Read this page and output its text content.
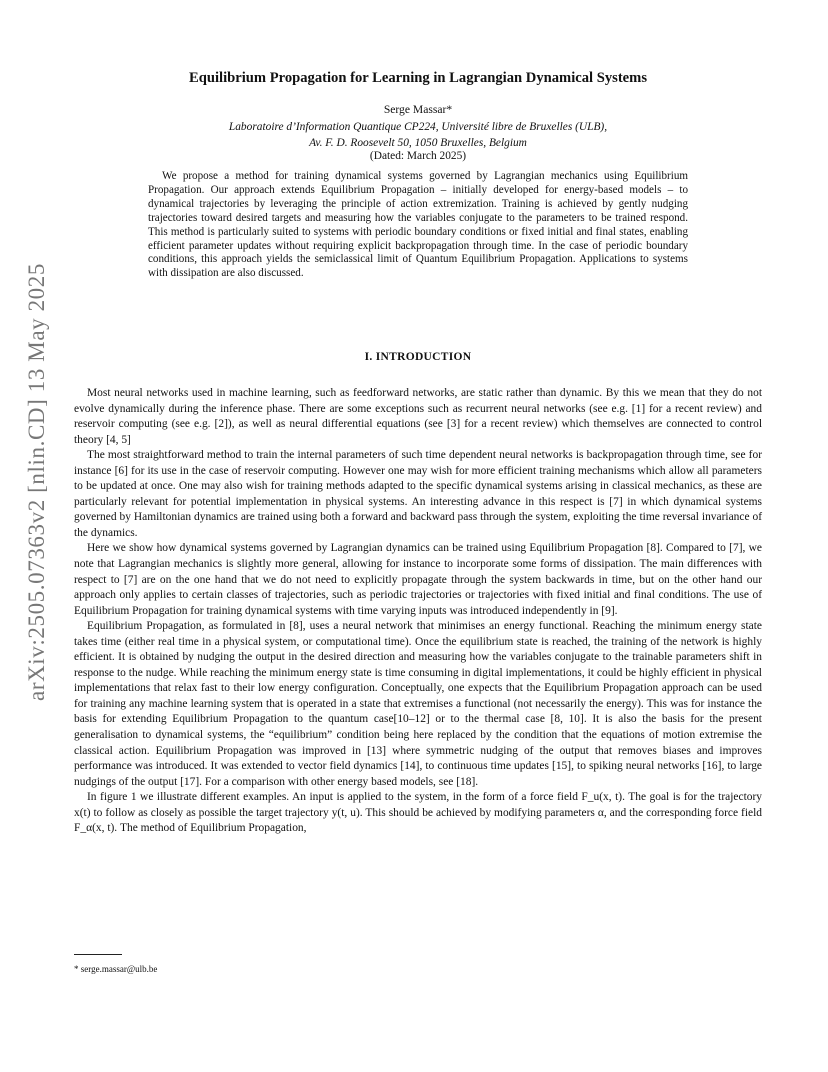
arXiv:2505.07363v2 [nlin.CD] 13 May 2025
Equilibrium Propagation for Learning in Lagrangian Dynamical Systems
Serge Massar*
Laboratoire d’Information Quantique CP224, Université libre de Bruxelles (ULB),
Av. F. D. Roosevelt 50, 1050 Bruxelles, Belgium
(Dated: March 2025)

We propose a method for training dynamical systems governed by Lagrangian mechanics using Equilibrium Propagation. Our approach extends Equilibrium Propagation – initially developed for energy-based models – to dynamical trajectories by leveraging the principle of action extremization. Training is achieved by gently nudging trajectories toward desired targets and measuring how the variables conjugate to the parameters to be trained respond. This method is particularly suited to systems with periodic boundary conditions or fixed initial and final states, enabling efficient parameter updates without requiring explicit backpropagation through time. In the case of periodic boundary conditions, this approach yields the semiclassical limit of Quantum Equilibrium Propagation. Applications to systems with dissipation are also discussed.

I. INTRODUCTION

Most neural networks used in machine learning, such as feedforward networks, are static rather than dynamic. By this we mean that they do not evolve dynamically during the inference phase. There are some exceptions such as recurrent neural networks (see e.g. [1] for a recent review) and reservoir computing (see e.g. [2]), as well as neural differential equations (see [3] for a recent review) which themselves are connected to control theory [4, 5]

The most straightforward method to train the internal parameters of such time dependent neural networks is backpropagation through time, see for instance [6] for its use in the case of reservoir computing. However one may wish for more efficient training mechanisms which allow all parameters to be updated at once. One may also wish for training methods adapted to the specific dynamical systems arising in classical mechanics, as these are particularly relevant for potential implementation in physical systems. An interesting advance in this respect is [7] in which dynamical systems governed by Hamiltonian dynamics are trained using both a forward and backward pass through the system, exploiting the time reversal invariance of the dynamics.

Here we show how dynamical systems governed by Lagrangian dynamics can be trained using Equilibrium Propagation [8]. Compared to [7], we note that Lagrangian mechanics is slightly more general, allowing for instance to incorporate some forms of dissipation. The main differences with respect to [7] are on the one hand that we do not need to explicitly propagate through the system backwards in time, but on the other hand our approach only applies to certain classes of trajectories, such as periodic trajectories or trajectories with fixed initial and final conditions. The use of Equilibrium Propagation for training dynamical systems with time varying inputs was introduced independently in [9].

Equilibrium Propagation, as formulated in [8], uses a neural network that minimises an energy functional. Reaching the minimum energy state takes time (either real time in a physical system, or computational time). Once the equilibrium state is reached, the training of the network is highly efficient. It is obtained by nudging the output in the desired direction and measuring how the variables conjugate to the trainable parameters shift in response to the nudge. While reaching the minimum energy state is time consuming in digital implementations, it could be highly efficient in physical implementations that relax fast to their low energy configuration. Conceptually, one expects that the Equilibrium Propagation approach can be used for training any machine learning system that is operated in a state that extremises a functional (not necessarily the energy). This was for instance the basis for extending Equilibrium Propagation to the quantum case[10–12] or to the thermal case [8, 10]. It is also the basis for the present generalisation to dynamical systems, the “equilibrium” condition being here replaced by the condition that the equations of motion extremise the classical action. Equilibrium Propagation was improved in [13] where symmetric nudging of the output that removes biases and improves performance was introduced. It was extended to vector field dynamics [14], to continuous time updates [15], to spiking neural networks [16], to large nudgings of the output [17]. For a comparison with other energy based models, see [18].

In figure 1 we illustrate different examples. An input is applied to the system, in the form of a force field F_u(x, t). The goal is for the trajectory x(t) to follow as closely as possible the target trajectory y(t, u). This should be achieved by modifying parameters α, and the corresponding force field F_α(x, t). The method of Equilibrium Propagation,

* serge.massar@ulb.be
